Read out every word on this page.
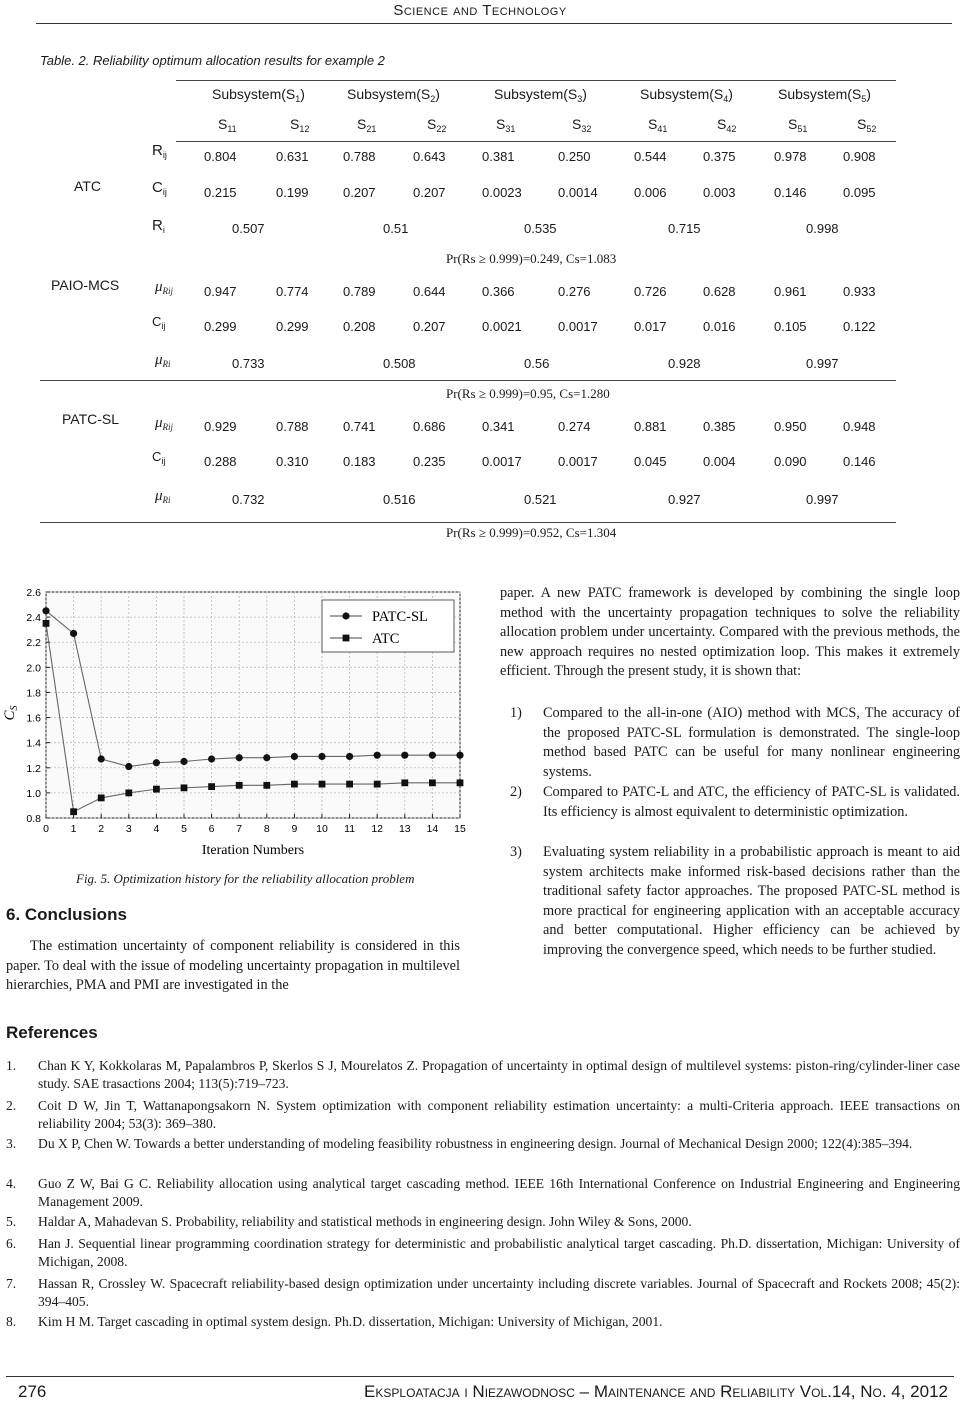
Science and Technology
Table. 2. Reliability optimum allocation results for example 2
$Subsystem(S_1)$	$Subsystem(S_2)$	$Subsystem(S_3)$	$Subsystem(S_4)$	$Subsystem(S_5)$
$S_{11}$	$S_{12}$	$S_{21}$	$S_{22}$	$S_{31}$	$S_{32}$	$S_{41}$	$S_{42}$	$S_{51}$	$S_{52}$
ATC
$R_{ij}$	0.804	0.631	0.788	0.643	0.381	0.250	0.544	0.375	0.978	0.908
$C_{ij}$	0.215	0.199	0.207	0.207	0.0023	0.0014	0.006	0.003	0.146	0.095
$R_i$	0.507	0.51	0.535	0.715	0.998
Pr(Rs ≥ 0.999)=0.249, Cs=1.083
PAIO-MCS $\mu_{Rij}$ 0.947	0.774	0.789	0.644	0.366	0.276	0.726	0.628	0.961	0.933
$C_{ij}$	0.299	0.299	0.208	0.207	0.0021	0.0017	0.017	0.016	0.105	0.122
$\mu_{Ri}$	0.733	0.508	0.56	0.928	0.997
Pr(Rs ≥ 0.999)=0.95, Cs=1.280
PATC-SL $\mu_{Rij}$ 0.929	0.788	0.741	0.686	0.341	0.274	0.881	0.385	0.950	0.948
$C_{ij}$	0.288	0.310	0.183	0.235	0.0017	0.0017	0.045	0.004	0.090	0.146
$\mu_{Ri}$	0.732	0.516	0.521	0.927	0.997
Pr(Rs ≥ 0.999)=0.952, Cs=1.304
0.8
1.0
1.2
1.4
1.6
1.8
2.0
2.2
2.4
2.6
0 1 2 3 4 5 6 7 8 9 10 11 12 13 14 15
Iteration Numbers
$C_S$
PATC-SL
ATC
Fig. 5. Optimization history for the reliability allocation problem
6. Conclusions
The estimation uncertainty of component reliability is considered in this paper. To deal with the issue of modeling uncertainty propagation in multilevel hierarchies, PMA and PMI are investigated in the
paper. A new PATC framework is developed by combining the single loop method with the uncertainty propagation techniques to solve the reliability allocation problem under uncertainty. Compared with the previous methods, the new approach requires no nested optimization loop. This makes it extremely efficient. Through the present study, it is shown that:
1) Compared to the all-in-one (AIO) method with MCS, The accuracy of the proposed PATC-SL formulation is demonstrated. The single-loop method based PATC can be useful for many nonlinear engineering systems.
2) Compared to PATC-L and ATC, the efficiency of PATC-SL is validated. Its efficiency is almost equivalent to deterministic optimization.
3) Evaluating system reliability in a probabilistic approach is meant to aid system architects make informed risk-based decisions rather than the traditional safety factor approaches. The proposed PATC-SL method is more practical for engineering application with an acceptable accuracy and better computational. Higher efficiency can be achieved by improving the convergence speed, which needs to be further studied.
References
1. Chan K Y, Kokkolaras M, Papalambros P, Skerlos S J, Mourelatos Z. Propagation of uncertainty in optimal design of multilevel systems: piston-ring/cylinder-liner case study. SAE trasactions 2004; 113(5):719–723.
2. Coit D W, Jin T, Wattanapongsakorn N. System optimization with component reliability estimation uncertainty: a multi-Criteria approach. IEEE transactions on reliability 2004; 53(3): 369–380.
3. Du X P, Chen W. Towards a better understanding of modeling feasibility robustness in engineering design. Journal of Mechanical Design 2000; 122(4):385–394.
4. Guo Z W, Bai G C. Reliability allocation using analytical target cascading method. IEEE 16th International Conference on Industrial Engineering and Engineering Management 2009.
5. Haldar A, Mahadevan S. Probability, reliability and statistical methods in engineering design. John Wiley & Sons, 2000.
6. Han J. Sequential linear programming coordination strategy for deterministic and probabilistic analytical target cascading. Ph.D. dissertation, Michigan: University of Michigan, 2008.
7. Hassan R, Crossley W. Spacecraft reliability-based design optimization under uncertainty including discrete variables. Journal of Spacecraft and Rockets 2008; 45(2): 394–405.
8. Kim H M. Target cascading in optimal system design. Ph.D. dissertation, Michigan: University of Michigan, 2001.
276	Eksploatacja i Niezawodnosc – Maintenance and Reliability Vol.14, No. 4, 2012
